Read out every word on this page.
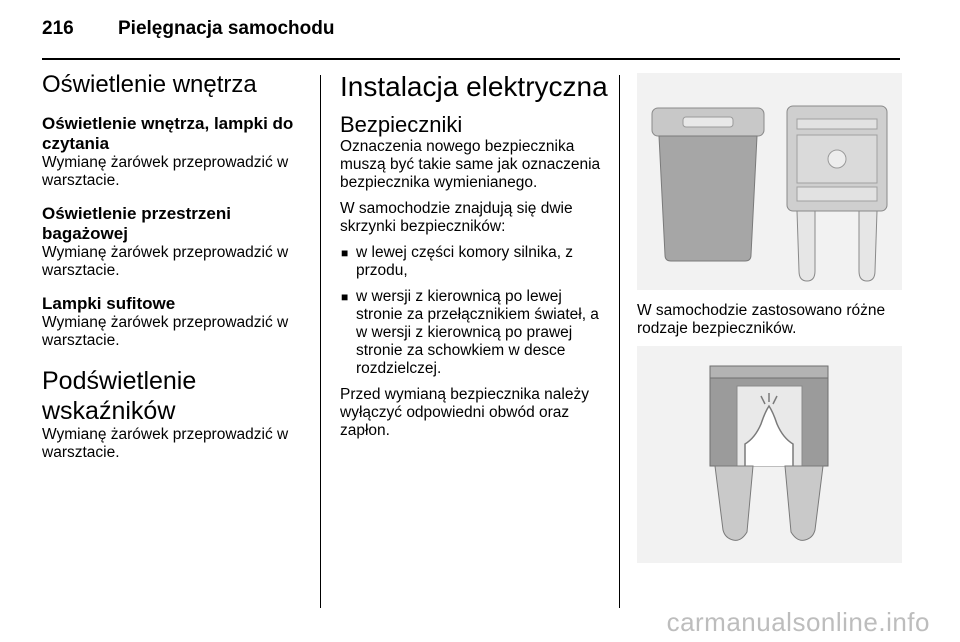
216 Pielęgnacja samochodu
Oświetlenie wnętrza
Oświetlenie wnętrza, lampki do czytania

Wymianę żarówek przeprowadzić w warsztacie.

Oświetlenie przestrzeni bagażowej

Wymianę żarówek przeprowadzić w warsztacie.

Lampki sufitowe

Wymianę żarówek przeprowadzić w warsztacie.

Podświetlenie wskaźników

Wymianę żarówek przeprowadzić w warsztacie.

Instalacja elektryczna
Bezpieczniki

Oznaczenia nowego bezpiecznika muszą być takie same jak oznaczenia bezpiecznika wymienianego.

W samochodzie znajdują się dwie skrzynki bezpieczników:

■ w lewej części komory silnika, z przodu,
■ w wersji z kierownicą po lewej stronie za przełącznikiem świateł, a w wersji z kierownicą po prawej stronie za schowkiem w desce rozdzielczej.

Przed wymianą bezpiecznika należy wyłączyć odpowiedni obwód oraz zapłon.

W samochodzie zastosowano różne rodzaje bezpieczników.

carmanualsonline.info
